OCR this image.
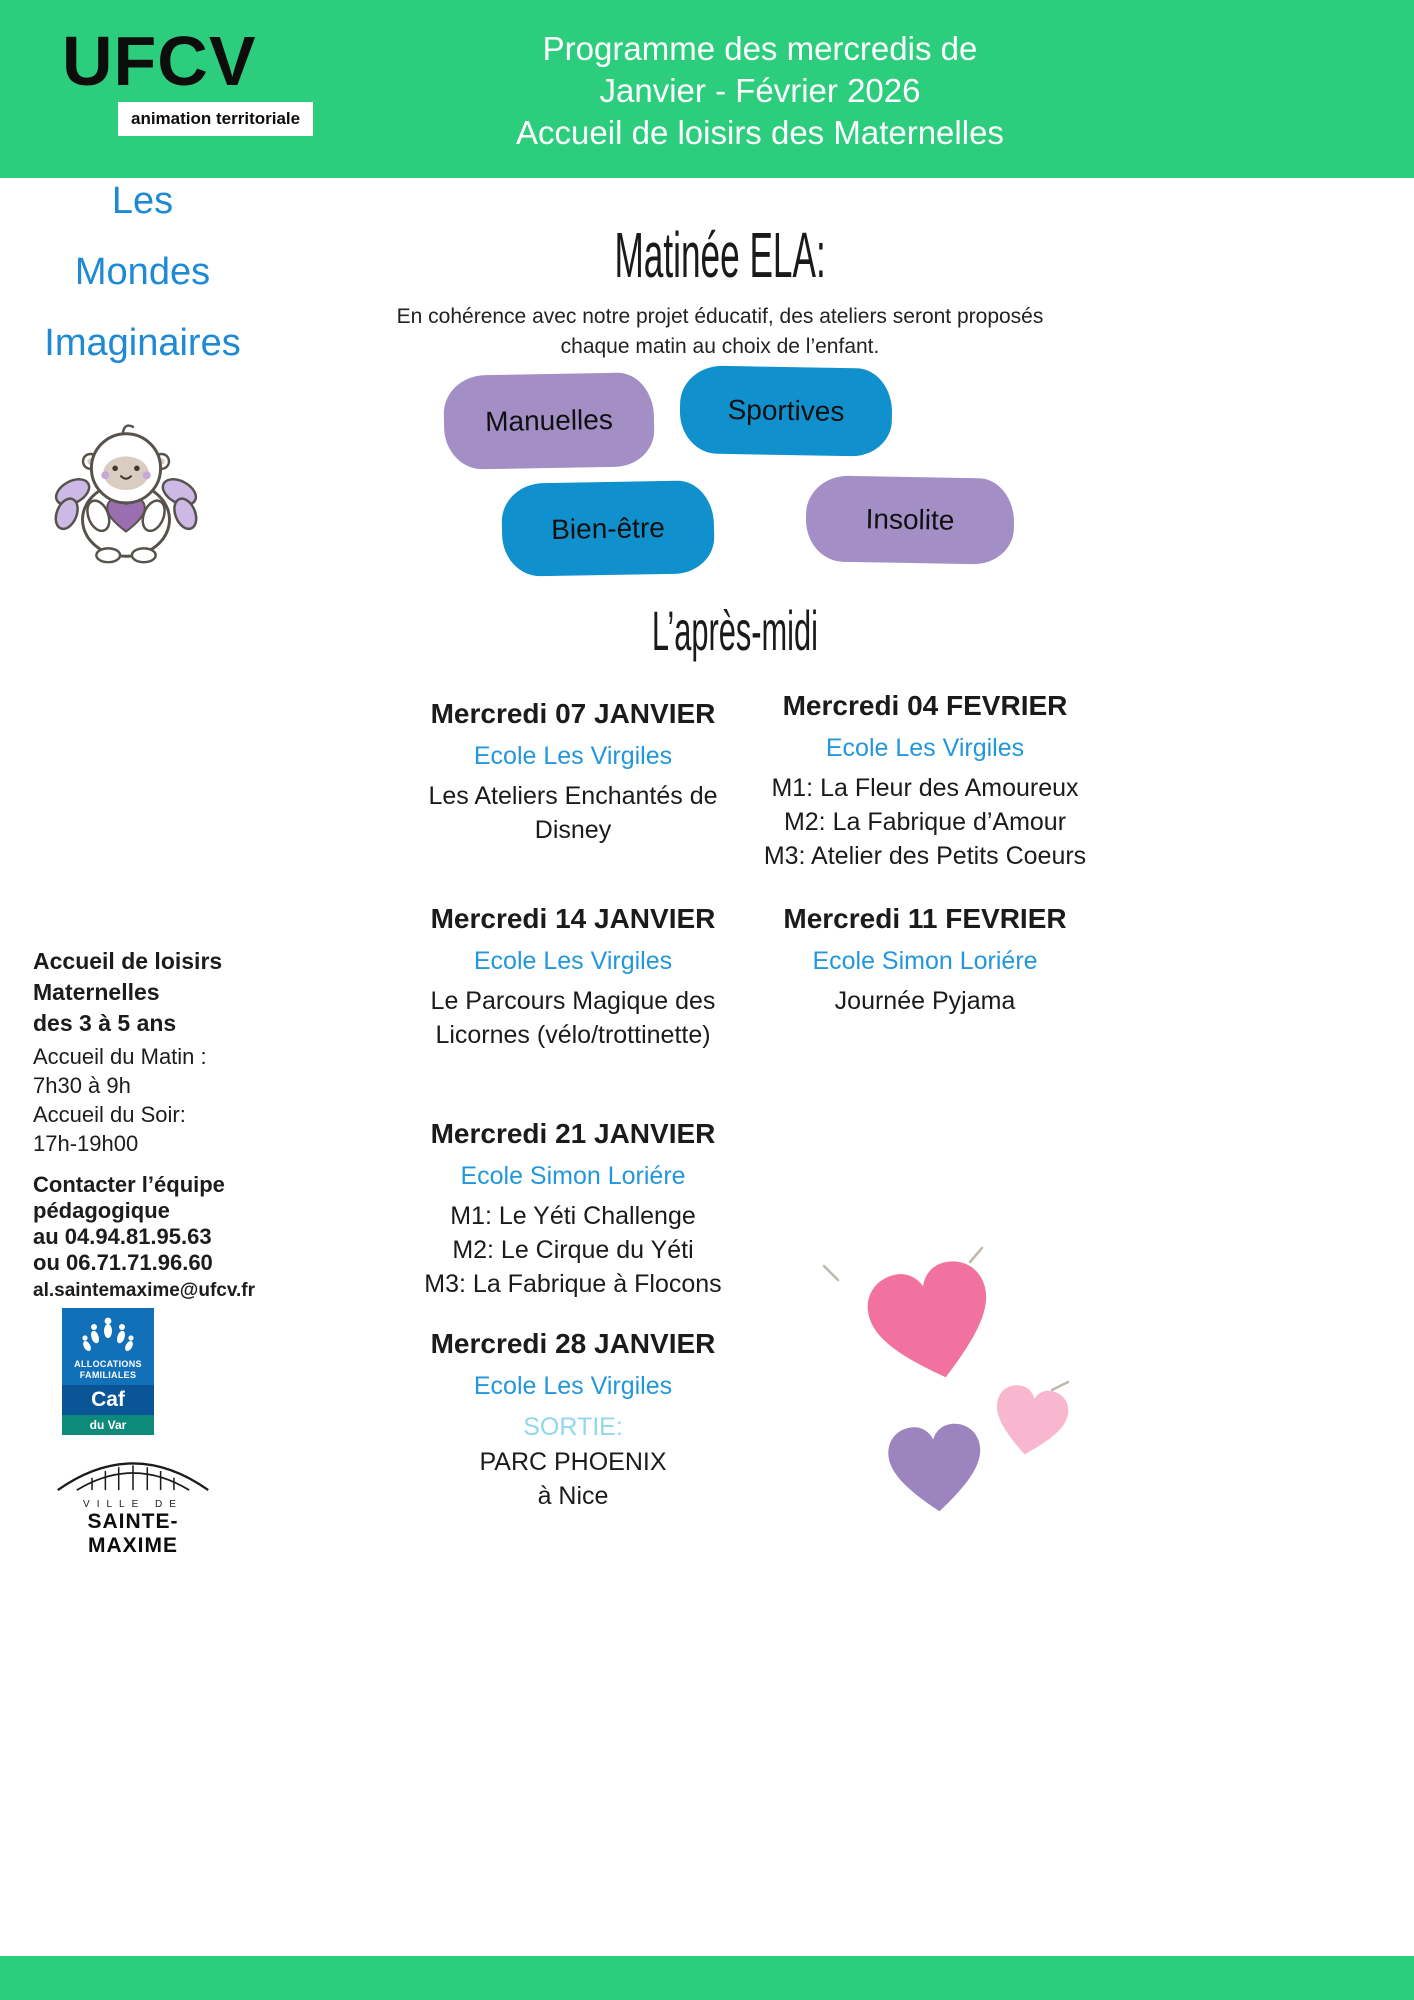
UFCV
animation territoriale
Programme des mercredis de
Janvier - Février 2026
Accueil de loisirs des Maternelles
Les
Mondes
Imaginaires
Matinée ELA:
En cohérence avec notre projet éducatif, des ateliers seront proposés
chaque matin au choix de l’enfant.
Manuelles	Sportives
Bien-être	Insolite
L’après-midi
Mercredi 07 JANVIER
Ecole Les Virgiles
Les Ateliers Enchantés de
Disney
Mercredi 04 FEVRIER
Ecole Les Virgiles
M1: La Fleur des Amoureux
M2: La Fabrique d’Amour
M3: Atelier des Petits Coeurs
Mercredi 14 JANVIER
Ecole Les Virgiles
Le Parcours Magique des
Licornes (vélo/trottinette)
Mercredi 11 FEVRIER
Ecole Simon Loriére
Journée Pyjama
Mercredi 21 JANVIER
Ecole Simon Loriére
M1: Le Yéti Challenge
M2: Le Cirque du Yéti
M3: La Fabrique à Flocons
Mercredi 28 JANVIER
Ecole Les Virgiles
SORTIE:
PARC PHOENIX
à Nice
Accueil de loisirs
Maternelles
des 3 à 5 ans
Accueil du Matin :
7h30 à 9h
Accueil du Soir:
17h-19h00
Contacter l’équipe
pédagogique
au 04.94.81.95.63
ou 06.71.71.96.60
al.saintemaxime@ufcv.fr
ALLOCATIONS
FAMILIALES
Caf
du Var
VILLE DE
SAINTE-MAXIME
